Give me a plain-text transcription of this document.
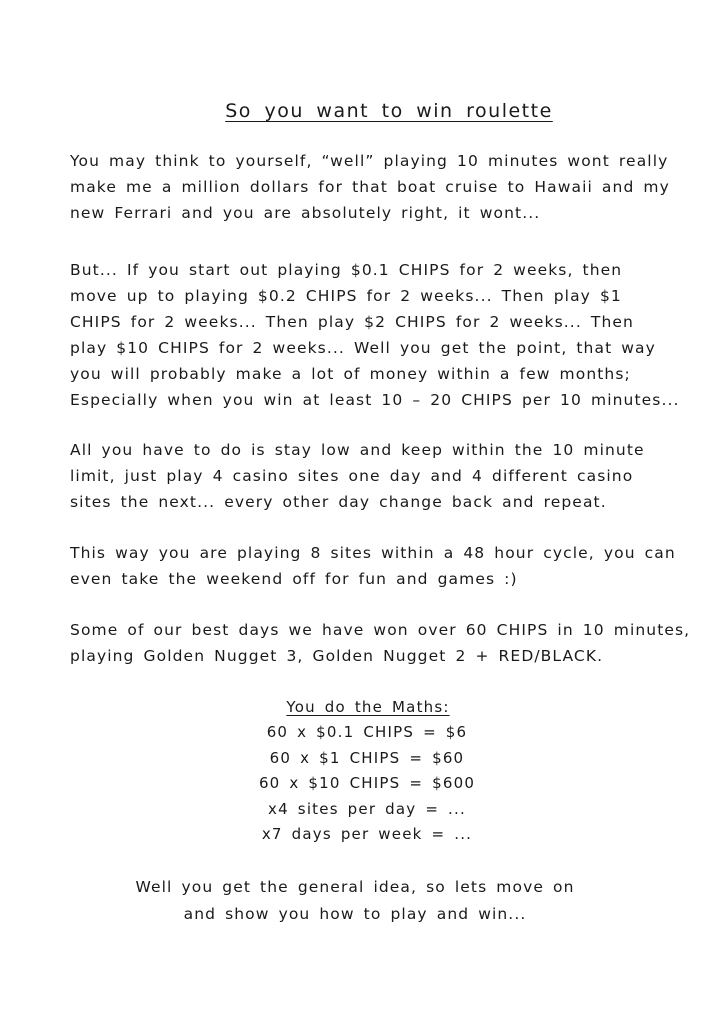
So you want to win roulette

You may think to yourself, “well” playing 10 minutes wont really
make me a million dollars for that boat cruise to Hawaii and my
new Ferrari and you are absolutely right, it wont...

But... If you start out playing $0.1 CHIPS for 2 weeks, then
move up to playing $0.2 CHIPS for 2 weeks... Then play $1
CHIPS for 2 weeks... Then play $2 CHIPS for 2 weeks... Then
play $10 CHIPS for 2 weeks... Well you get the point, that way
you will probably make a lot of money within a few months;
Especially when you win at least 10 – 20 CHIPS per 10 minutes...

All you have to do is stay low and keep within the 10 minute
limit, just play 4 casino sites one day and 4 different casino
sites the next... every other day change back and repeat.

This way you are playing 8 sites within a 48 hour cycle, you can
even take the weekend off for fun and games :)

Some of our best days we have won over 60 CHIPS in 10 minutes,
playing Golden Nugget 3, Golden Nugget 2 + RED/BLACK.

You do the Maths:
60 x $0.1 CHIPS = $6
60 x $1 CHIPS = $60
60 x $10 CHIPS = $600
x4 sites per day = ...
x7 days per week = ...
Well you get the general idea, so lets move on
and show you how to play and win...
